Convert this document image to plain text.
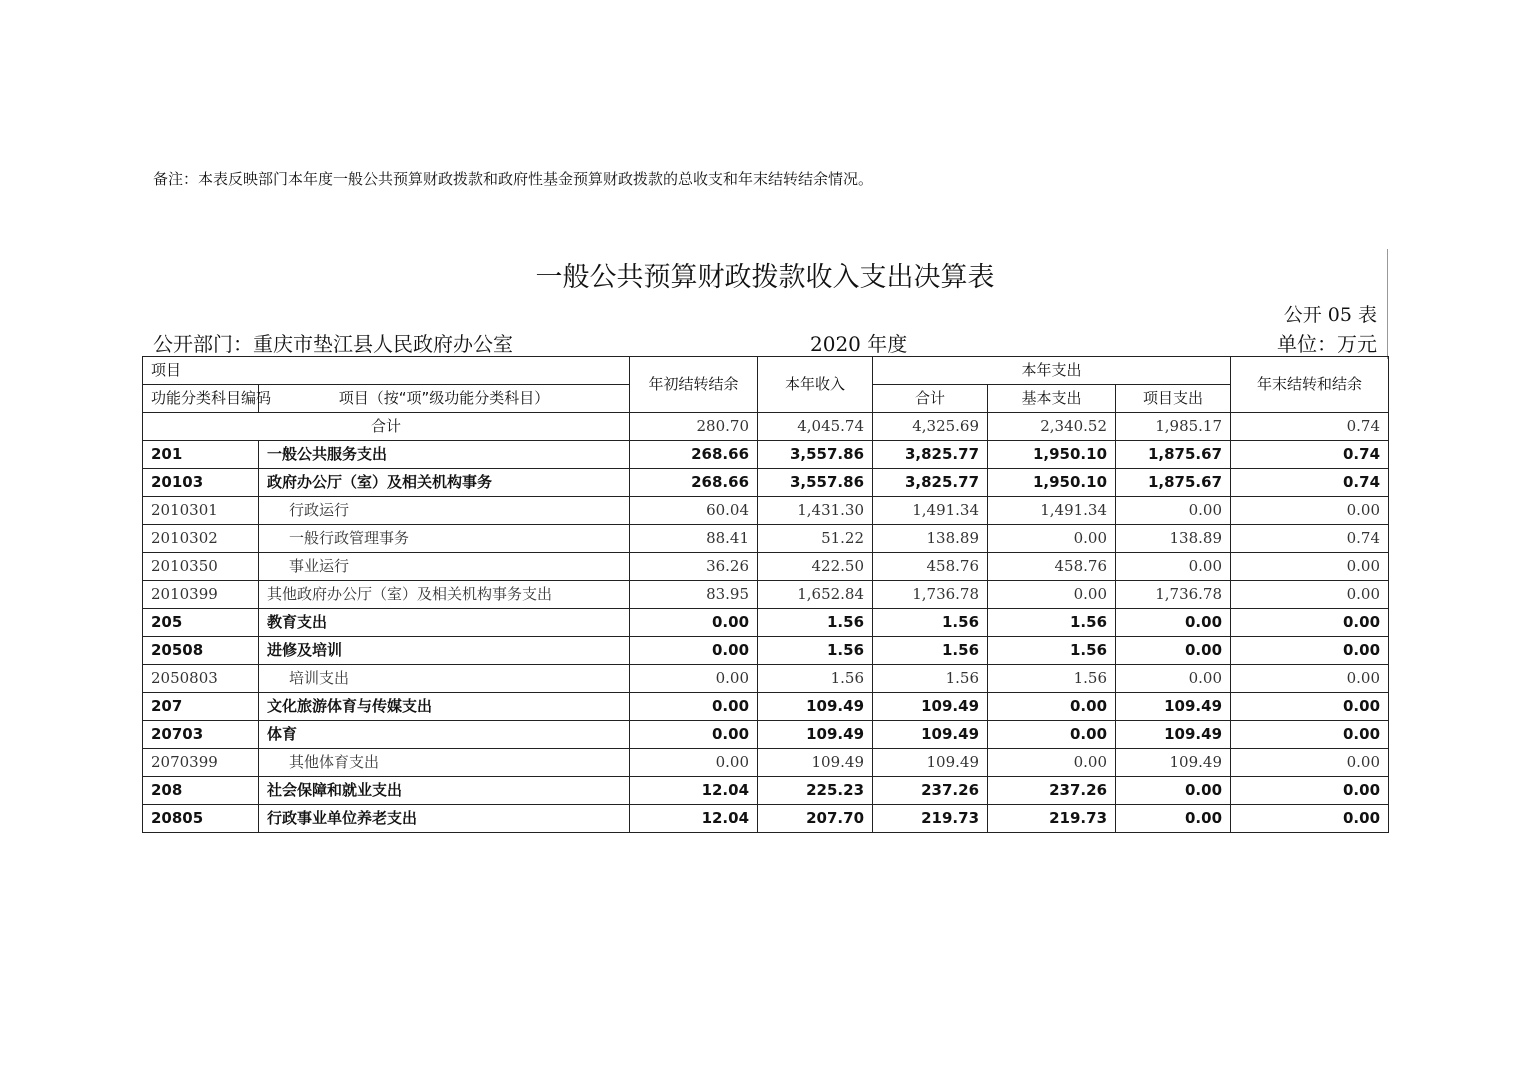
备注：本表反映部门本年度一般公共预算财政拨款和政府性基金预算财政拨款的总收支和年末结转结余情况。
一般公共预算财政拨款收入支出决算表
公开 05 表
公开部门：重庆市垫江县人民政府办公室	2020 年度	单位：万元
项目		年初结转结余	本年收入	本年支出			年末结转和结余
功能分类科目编码	项目（按“项”级功能分类科目）			合计	基本支出	项目支出	
合计		280.70	4,045.74	4,325.69	2,340.52	1,985.17	0.74
201	一般公共服务支出	268.66	3,557.86	3,825.77	1,950.10	1,875.67	0.74
20103	政府办公厅（室）及相关机构事务	268.66	3,557.86	3,825.77	1,950.10	1,875.67	0.74
2010301	行政运行	60.04	1,431.30	1,491.34	1,491.34	0.00	0.00
2010302	一般行政管理事务	88.41	51.22	138.89	0.00	138.89	0.74
2010350	事业运行	36.26	422.50	458.76	458.76	0.00	0.00
2010399	其他政府办公厅（室）及相关机构事务支出	83.95	1,652.84	1,736.78	0.00	1,736.78	0.00
205	教育支出	0.00	1.56	1.56	1.56	0.00	0.00
20508	进修及培训	0.00	1.56	1.56	1.56	0.00	0.00
2050803	培训支出	0.00	1.56	1.56	1.56	0.00	0.00
207	文化旅游体育与传媒支出	0.00	109.49	109.49	0.00	109.49	0.00
20703	体育	0.00	109.49	109.49	0.00	109.49	0.00
2070399	其他体育支出	0.00	109.49	109.49	0.00	109.49	0.00
208	社会保障和就业支出	12.04	225.23	237.26	237.26	0.00	0.00
20805	行政事业单位养老支出	12.04	207.70	219.73	219.73	0.00	0.00
